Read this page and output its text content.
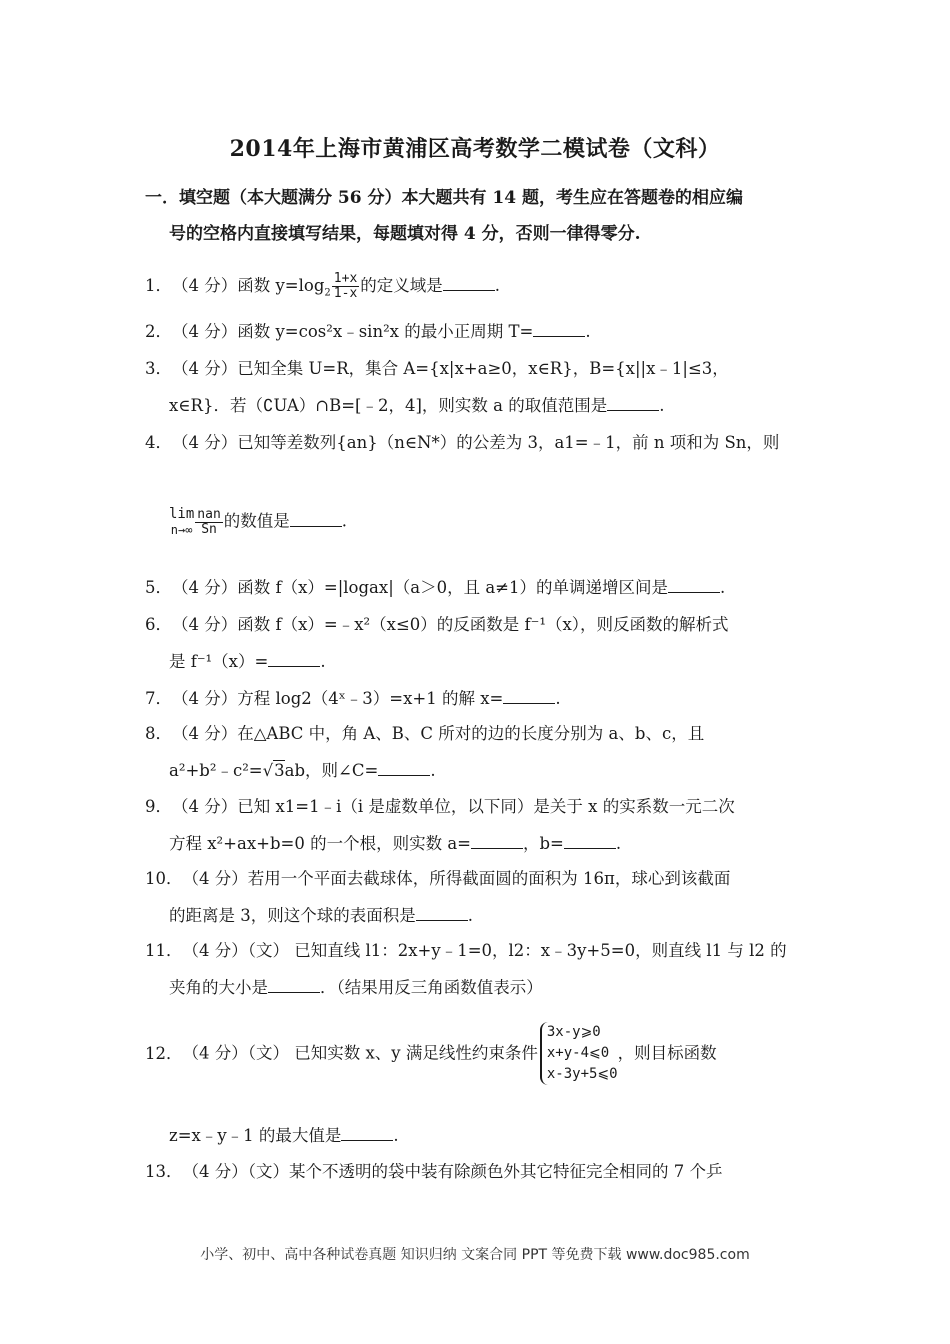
2014年上海市黄浦区高考数学二模试卷（文科）
一．填空题（本大题满分 56 分）本大题共有 14 题，考生应在答题卷的相应编
号的空格内直接填写结果，每题填对得 4 分，否则一律得零分.
1．（4 分）函数 $y=\log_2 \frac{1+x}{1-x}$ 的定义域是	.
2．（4 分）函数 y=cos²x﹣sin²x 的最小正周期 T=	.
3．（4 分）已知全集 U=R，集合 A={x|x+a≥0，x∈R}，B={x||x﹣1|≤3，
x∈R}．若（∁UA）∩B=[﹣2，4]，则实数 a 的取值范围是	.
4．（4 分）已知等差数列{an}（n∈N*）的公差为 3，a1=﹣1，前 n 项和为 Sn，则
lim
$n\to\infty \frac{\text{nan}}{Sn}$ 的数值是	.
5．（4 分）函数 f（x）=|logax|（a＞0，且 a≠1）的单调递增区间是	.
6．（4 分）函数 f（x）=﹣x²（x≤0）的反函数是 f⁻¹（x），则反函数的解析式
是 f⁻¹（x）=	.
7．（4 分）方程 log2（4ˣ﹣3）=x+1 的解 x=	.
8．（4 分）在△ABC 中，角 A、B、C 所对的边的长度分别为 a、b、c，且
a²+b²﹣c²=√3ab，则∠C=	.
9．（4 分）已知 x1=1﹣i（i 是虚数单位，以下同）是关于 x 的实系数一元二次
方程 x²+ax+b=0 的一个根，则实数 a=	，b=	.
10．（4 分）若用一个平面去截球体，所得截面圆的面积为 16π，球心到该截面
的距离是 3，则这个球的表面积是	.
11．（4 分）（文） 已知直线 l1：2x+y﹣1=0，l2：x﹣3y+5=0，则直线 l1 与 l2 的
夹角的大小是	．（结果用反三角函数值表示）
12．（4 分）（文） 已知实数 x、y 满足线性约束条件
3x-y⩾0
x+y-4⩽0
x-3y+5⩽0
，则目标函数
z=x﹣y﹣1 的最大值是	.
13．（4 分）（文）某个不透明的袋中装有除颜色外其它特征完全相同的 7 个乒
小学、初中、高中各种试卷真题 知识归纳 文案合同 PPT 等免费下载 www.doc985.com
